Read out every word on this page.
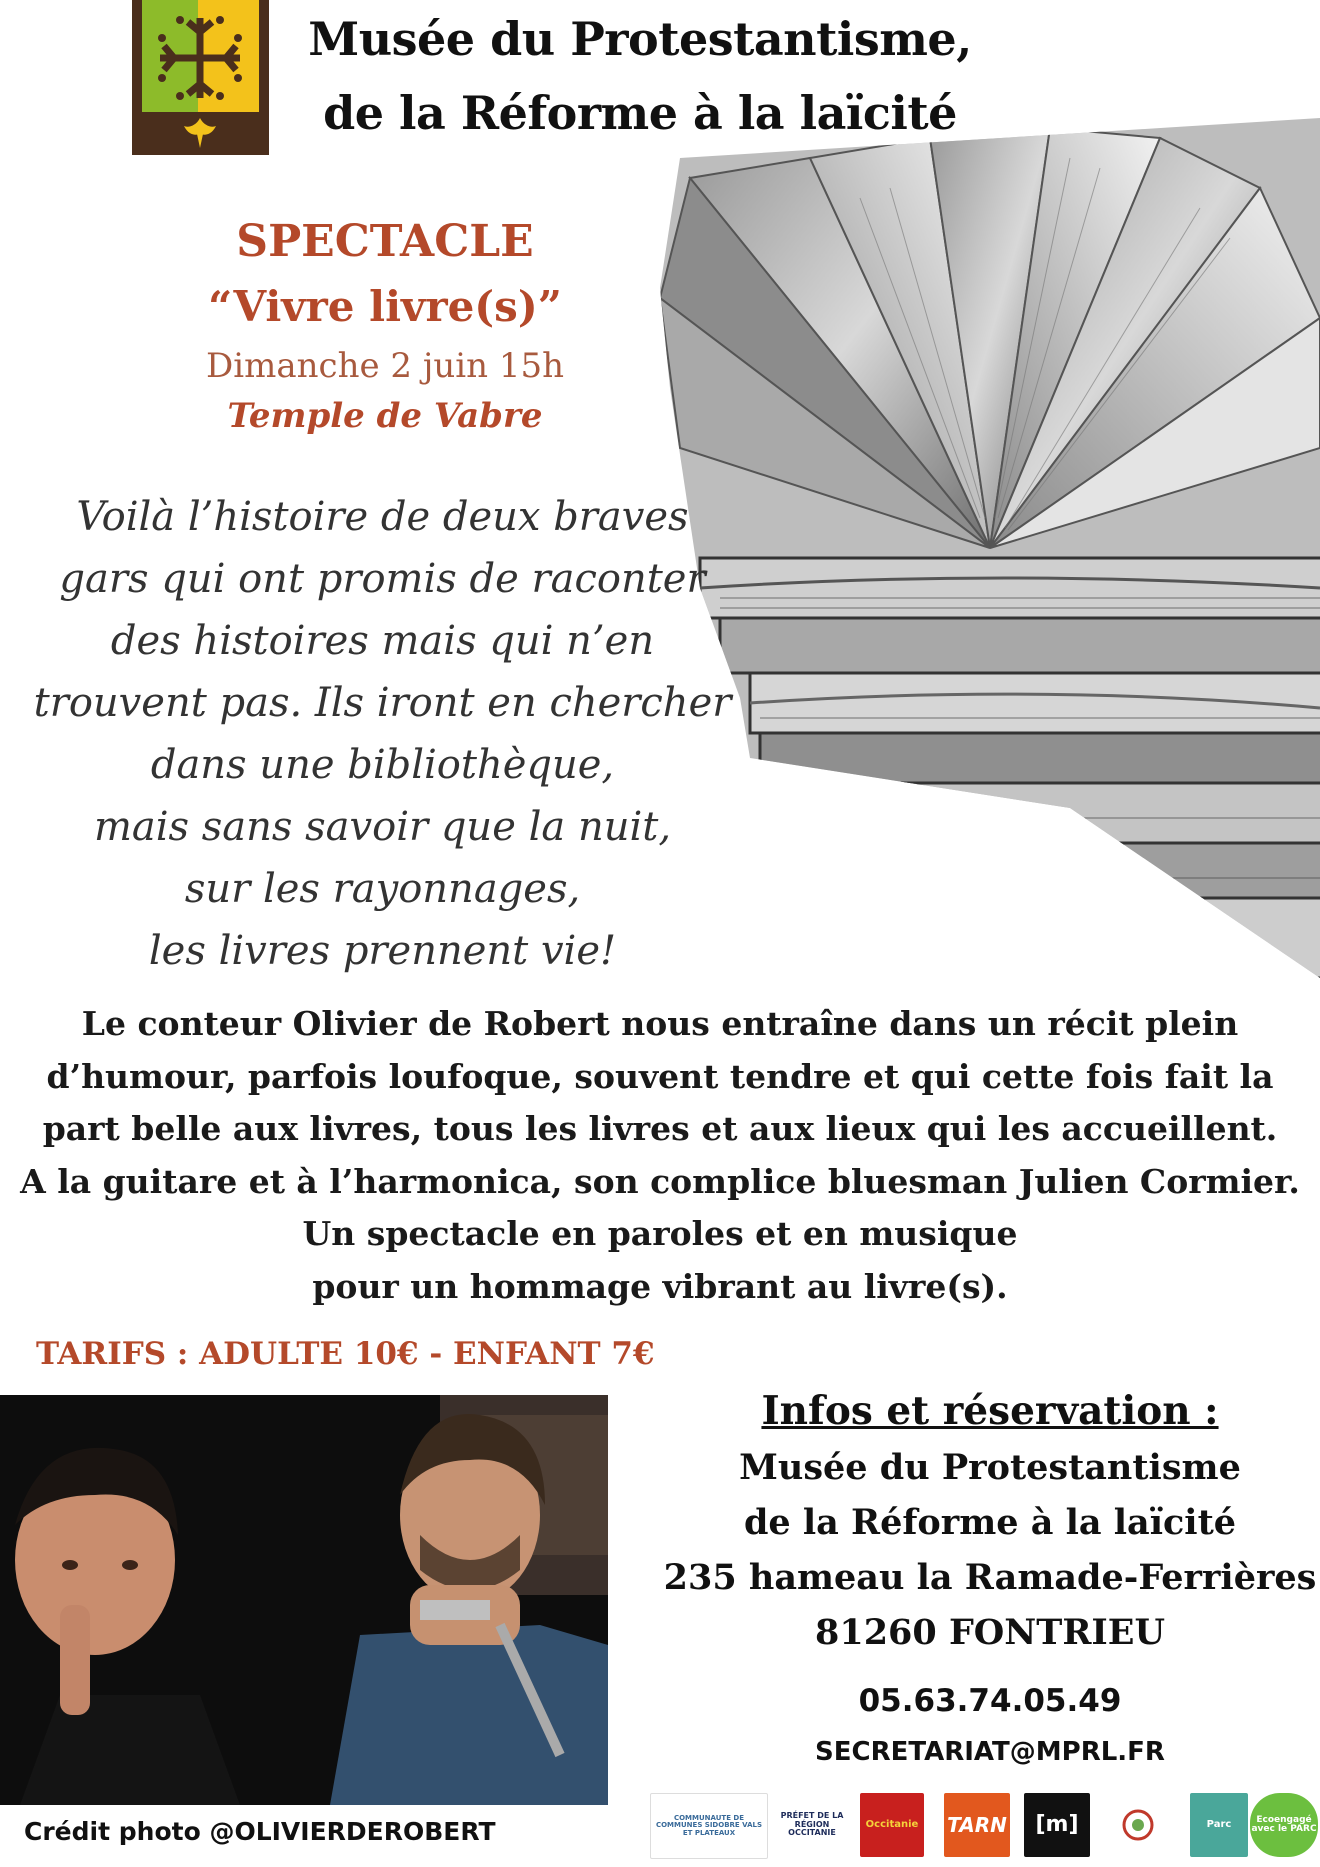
Musée du Protestantisme,
de la Réforme à la laïcité
SPECTACLE
“Vivre livre(s)”
Dimanche 2 juin 15h
Temple de Vabre
Voilà l’histoire de deux braves
gars qui ont promis de raconter
des histoires mais qui n’en
trouvent pas. Ils iront en chercher
dans une bibliothèque,
mais sans savoir que la nuit,
sur les rayonnages,
les livres prennent vie!
Le conteur Olivier de Robert nous entraîne dans un récit plein
d’humour, parfois loufoque, souvent tendre et qui cette fois fait la
part belle aux livres, tous les livres et aux lieux qui les accueillent.
A la guitare et à l’harmonica, son complice bluesman Julien Cormier.
Un spectacle en paroles et en musique
pour un hommage vibrant au livre(s).
TARIFS : ADULTE 10€ - ENFANT 7€
Infos et réservation :
Musée du Protestantisme
de la Réforme à la laïcité
235 hameau la Ramade-Ferrières
81260 FONTRIEU
05.63.74.05.49
SECRETARIAT@MPRL.FR
Crédit photo @OLIVIERDEROBERT	COMMUNAUTE DE COMMUNES SIDOBRE VALS ET PLATEAUX
PRÉFET DE LA RÉGION OCCITANIE
Occitanie TARN [m]	Parc	Ecoengagé avec le PARC
